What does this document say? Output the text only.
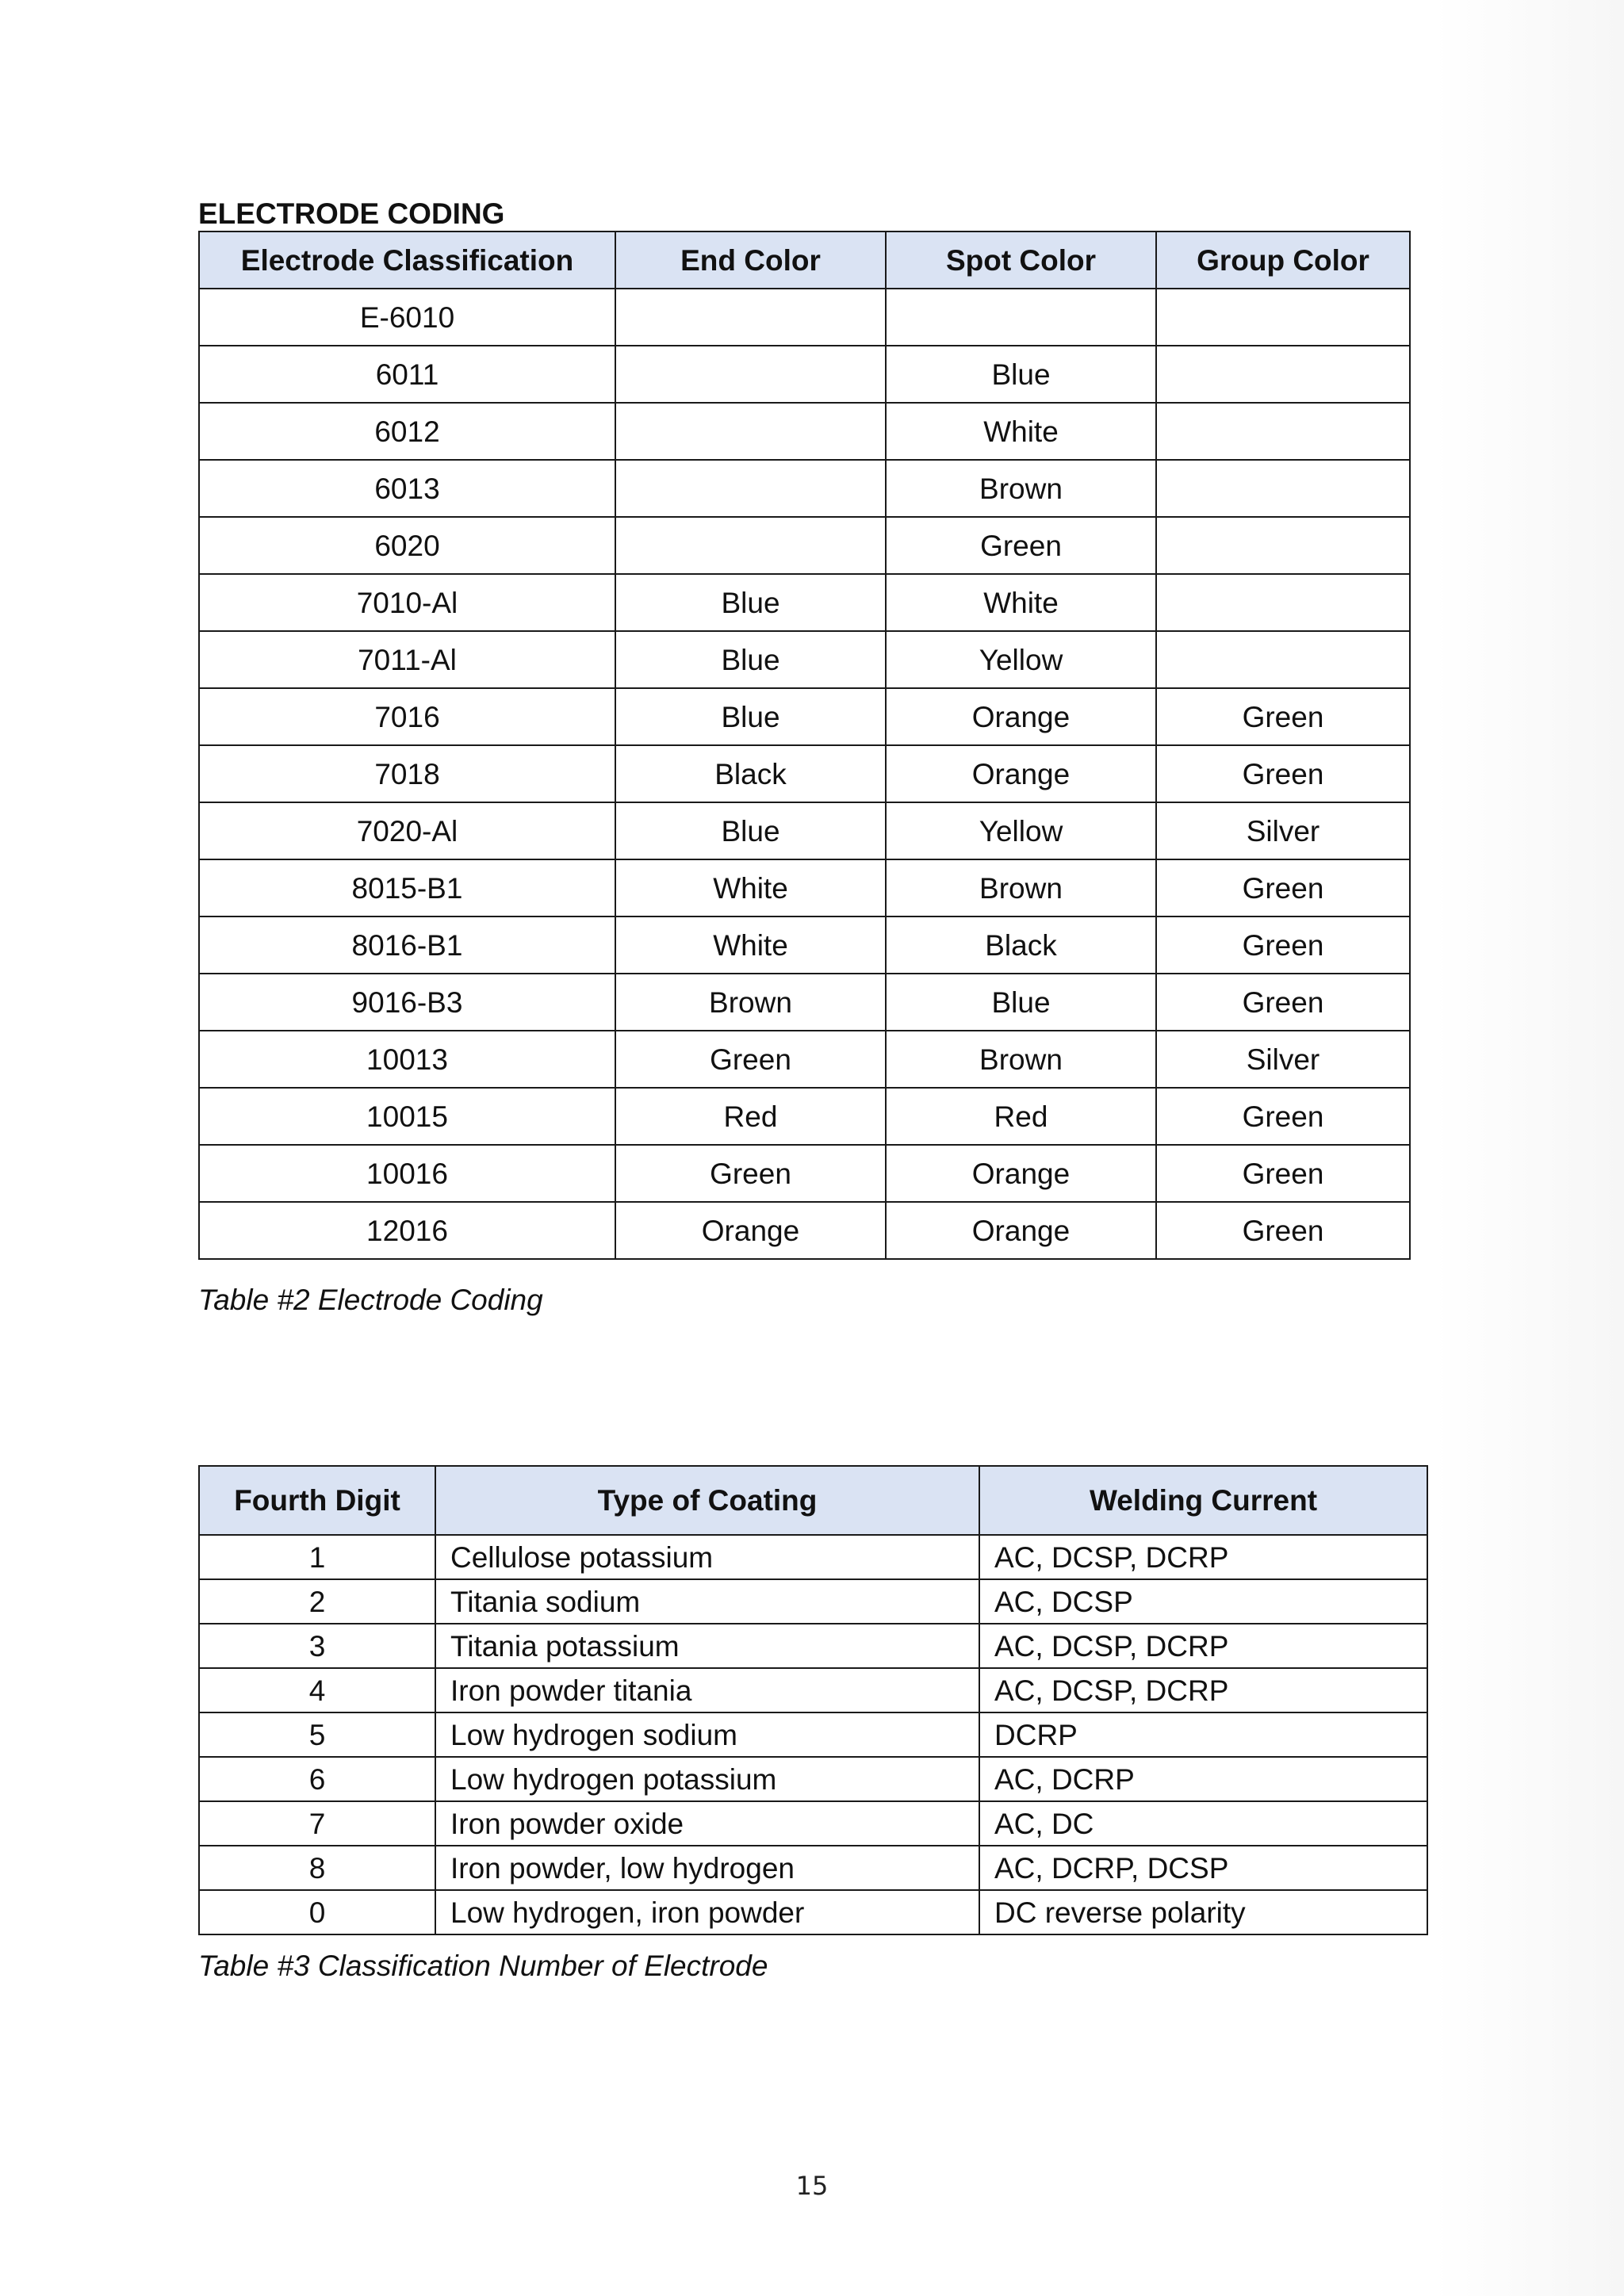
ELECTRODE CODING

Electrode Classification	End Color	Spot Color	Group Color
E-6010			
6011		Blue	
6012		White	
6013		Brown	
6020		Green	
7010-Al	Blue	White	
7011-Al	Blue	Yellow	
7016	Blue	Orange	Green
7018	Black	Orange	Green
7020-Al	Blue	Yellow	Silver
8015-B1	White	Brown	Green
8016-B1	White	Black	Green
9016-B3	Brown	Blue	Green
10013	Green	Brown	Silver
10015	Red	Red	Green
10016	Green	Orange	Green
12016	Orange	Orange	Green

Table #2 Electrode Coding

Fourth Digit	Type of Coating	Welding Current
1	Cellulose potassium	AC, DCSP, DCRP
2	Titania sodium	AC, DCSP
3	Titania potassium	AC, DCSP, DCRP
4	Iron powder titania	AC, DCSP, DCRP
5	Low hydrogen sodium	DCRP
6	Low hydrogen potassium	AC, DCRP
7	Iron powder oxide	AC, DC
8	Iron powder, low hydrogen	AC, DCRP, DCSP
0	Low hydrogen, iron powder	DC reverse polarity

Table #3 Classification Number of Electrode

15
